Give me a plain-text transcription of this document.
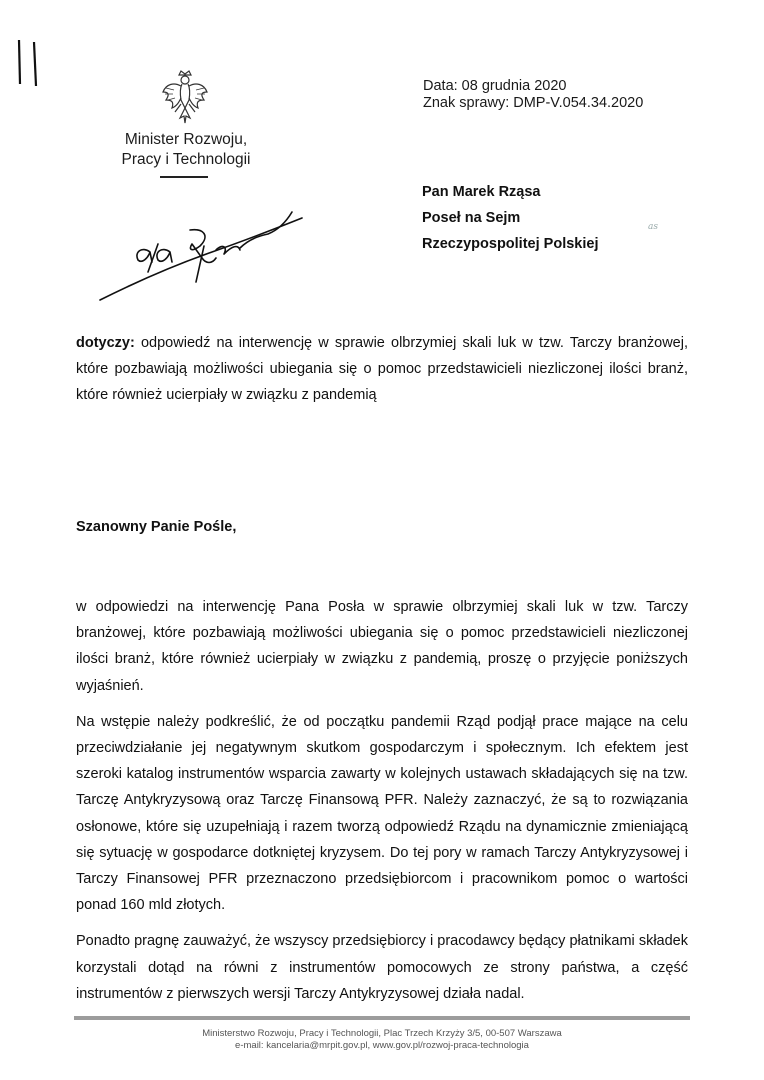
Minister Rozwoju,
Pracy i Technologii
Data: 08 grudnia 2020
Znak sprawy: DMP-V.054.34.2020
Pan Marek Rząsa
Poseł na Sejm
Rzeczypospolitej Polskiej
as
dotyczy: odpowiedź na interwencję w sprawie olbrzymiej skali luk w tzw. Tarczy branżowej, które pozbawiają możliwości ubiegania się o pomoc przedstawicieli niezliczonej ilości branż, które również ucierpiały w związku z pandemią
Szanowny Panie Pośle,

w odpowiedzi na interwencję Pana Posła w sprawie olbrzymiej skali luk w tzw. Tarczy branżowej, które pozbawiają możliwości ubiegania się o pomoc przedstawicieli niezliczonej ilości branż, które również ucierpiały w związku z pandemią, proszę o przyjęcie poniższych wyjaśnień.

Na wstępie należy podkreślić, że od początku pandemii Rząd podjął prace mające na celu przeciwdziałanie jej negatywnym skutkom gospodarczym i społecznym. Ich efektem jest szeroki katalog instrumentów wsparcia zawarty w kolejnych ustawach składających się na tzw. Tarczę Antykryzysową oraz Tarczę Finansową PFR. Należy zaznaczyć, że są to rozwiązania osłonowe, które się uzupełniają i razem tworzą odpowiedź Rządu na dynamicznie zmieniającą się sytuację w gospodarce dotkniętej kryzysem. Do tej pory w ramach Tarczy Antykryzysowej i Tarczy Finansowej PFR przeznaczono przedsiębiorcom i pracownikom pomoc o wartości ponad 160 mld złotych.

Ponadto pragnę zauważyć, że wszyscy przedsiębiorcy i pracodawcy będący płatnikami składek korzystali dotąd na równi z instrumentów pomocowych ze strony państwa, a część instrumentów z pierwszych wersji Tarczy Antykryzysowej działa nadal.

Ministerstwo Rozwoju, Pracy i Technologii, Plac Trzech Krzyży 3/5, 00-507 Warszawa
e-mail: kancelaria@mrpit.gov.pl, www.gov.pl/rozwoj-praca-technologia
